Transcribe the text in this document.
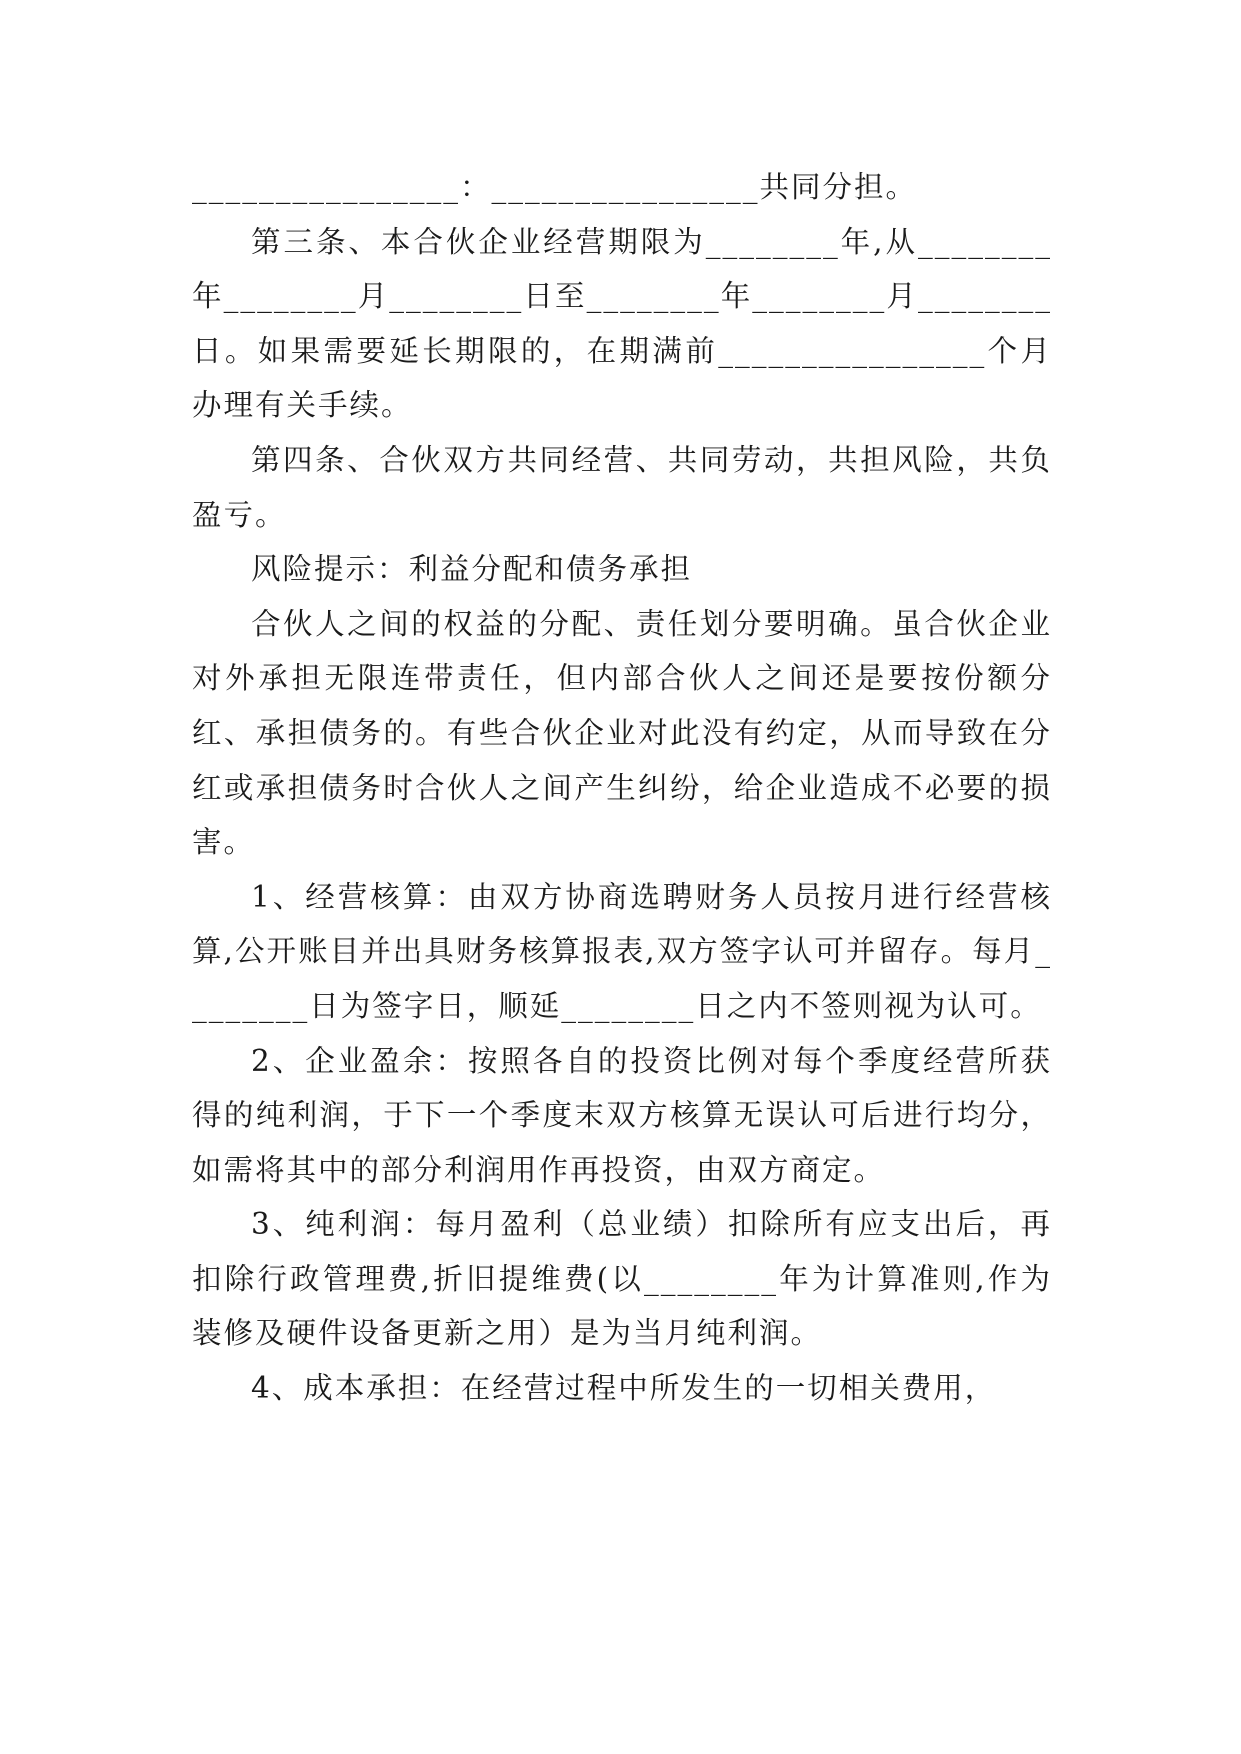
________________：________________共同分担。

第三条、本合伙企业经营期限为________年,从________年________月________日至________年________月________日。如果需要延长期限的，在期满前________________个月办理有关手续。

第四条、合伙双方共同经营、共同劳动，共担风险，共负盈亏。

风险提示：利益分配和债务承担

合伙人之间的权益的分配、责任划分要明确。虽合伙企业对外承担无限连带责任，但内部合伙人之间还是要按份额分红、承担债务的。有些合伙企业对此没有约定，从而导致在分红或承担债务时合伙人之间产生纠纷，给企业造成不必要的损害。

1、经营核算：由双方协商选聘财务人员按月进行经营核算,公开账目并出具财务核算报表,双方签字认可并留存。每月________日为签字日，顺延________日之内不签则视为认可。

2、企业盈余：按照各自的投资比例对每个季度经营所获得的纯利润，于下一个季度末双方核算无误认可后进行均分，如需将其中的部分利润用作再投资，由双方商定。

3、纯利润：每月盈利（总业绩）扣除所有应支出后，再扣除行政管理费,折旧提维费(以________年为计算准则,作为装修及硬件设备更新之用）是为当月纯利润。

4、成本承担：在经营过程中所发生的一切相关费用，
